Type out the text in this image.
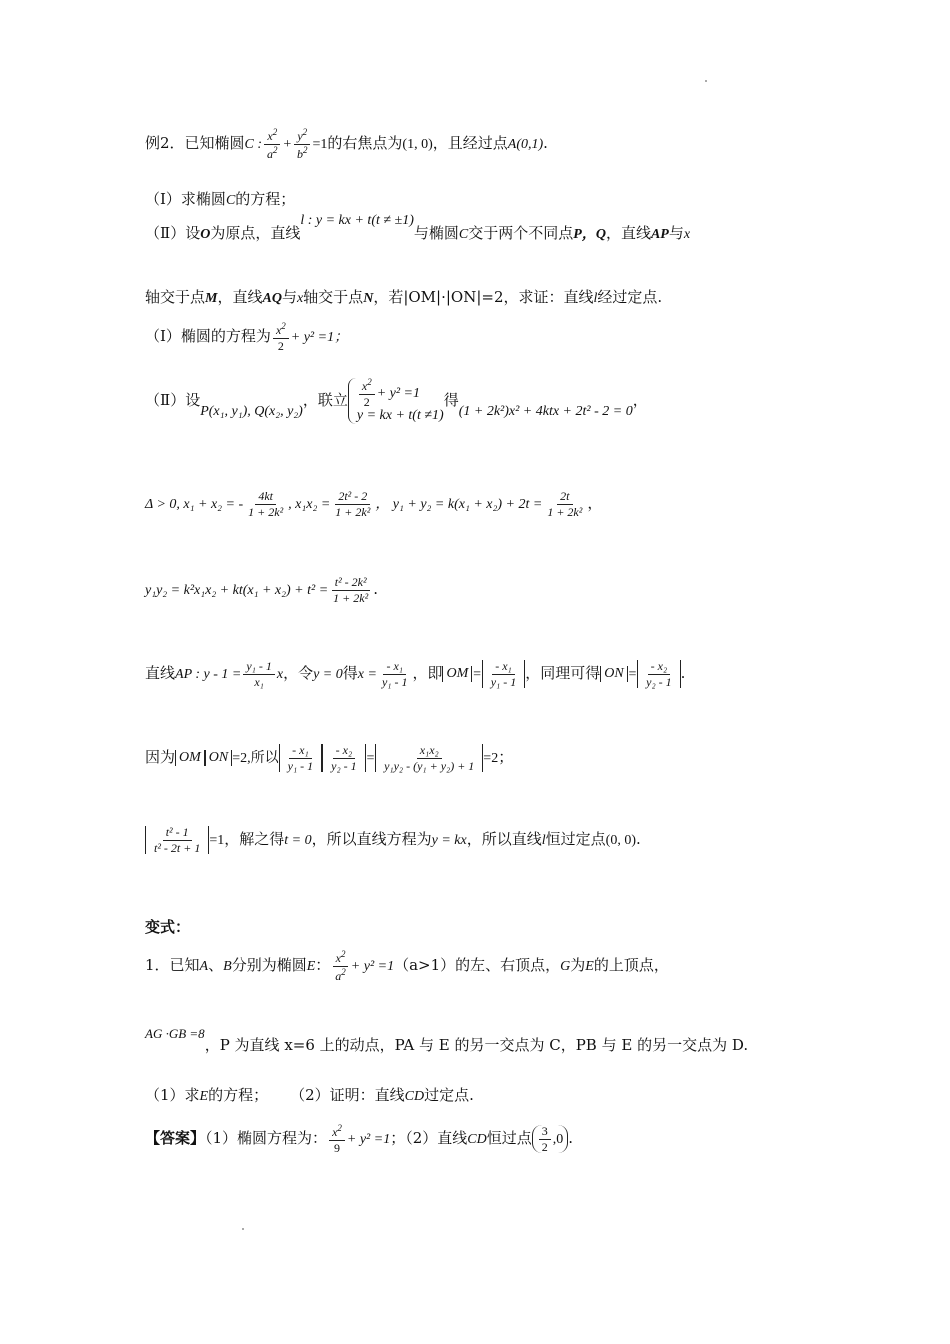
例2．已知椭圆C : $\frac{x^2}{a^2} + \frac{y^2}{b^2} =1$的右焦点为(1, 0)，且经过点A(0,1).
（Ⅰ）求椭圆C的方程；
（Ⅱ）设O为原点，直线l : y = kx + t(t ≠ ±1)与椭圆C交于两个不同点P，Q，直线AP与x
轴交于点M，直线AQ与x轴交于点N，若|OM|·|ON|=2，求证：直线l经过定点.
（Ⅰ）椭圆的方程为 $\frac{x^2}{2} + y^2 =1$；
（Ⅱ）设P(x₁, y₁), Q(x₂, y₂)，联立 $\frac{x^2}{2} + y^2 =1$
y = kx + t(t ≠1)
得(1 + 2k²)x² + 4ktx + 2t² - 2 = 0，
Δ > 0, x₁ + x₂ = - $\frac{4kt}{\text{1 + 2k²}}$ , $x_1x_2 = \frac{\text{2t² - 2}}{\text{1 + 2k²}}$ ， $y_1 + y_2 = k(x_1 + x_2) + 2t = \frac{2t}{\text{1 + 2k²}}$ ，
$y_1y_2 = k^2x_1x_2 + kt(x_1 + x_2) + t^2 = \frac{\text{t² - 2k²}}{\text{1 + 2k²}}$ .
直线AP : $y - 1 = \frac{\text{y₁ - 1}}{\text{x₁}}$ x，令y = 0得$x = \frac{\text{- x₁}}{\text{y₁ - 1}}$ ，即 OM = $\frac{\text{- x₁}}{\text{y₁ - 1}}$ ，同理可得 ON = $\frac{\text{- x₂}}{\text{y₂ - 1}}$ .
因为 OM ON =2,所以 $\frac{\text{- x₁}}{\text{y₁ - 1}} \frac{\text{- x₂}}{\text{y₂ - 1}} = \frac{\text{x₁x₂}}{\text{y₁y₂ - (y₁ + y₂) + 1}} =2$；
$\frac{\text{t² - 1}}{\text{t² - 2t + 1}} =1$，解之得t = 0，所以直线方程为y = kx，所以直线l恒过定点(0, 0).
变式：
1．已知A、B分别为椭圆E： $\frac{x^2}{a^2} + y^2 =1(a>1)$的左、右顶点，G为E的上顶点，
AG ·GB =8，P 为直线 x=6 上的动点，PA 与 E 的另一交点为 C，PB 与 E 的另一交点为 D.
（1）求E的方程； （2）证明：直线CD过定点.
【答案】（1）椭圆方程为： $\frac{x^2}{9} + y^2 =1$；（2）直线CD恒过点 $\frac{3}{2} ,0$ .
